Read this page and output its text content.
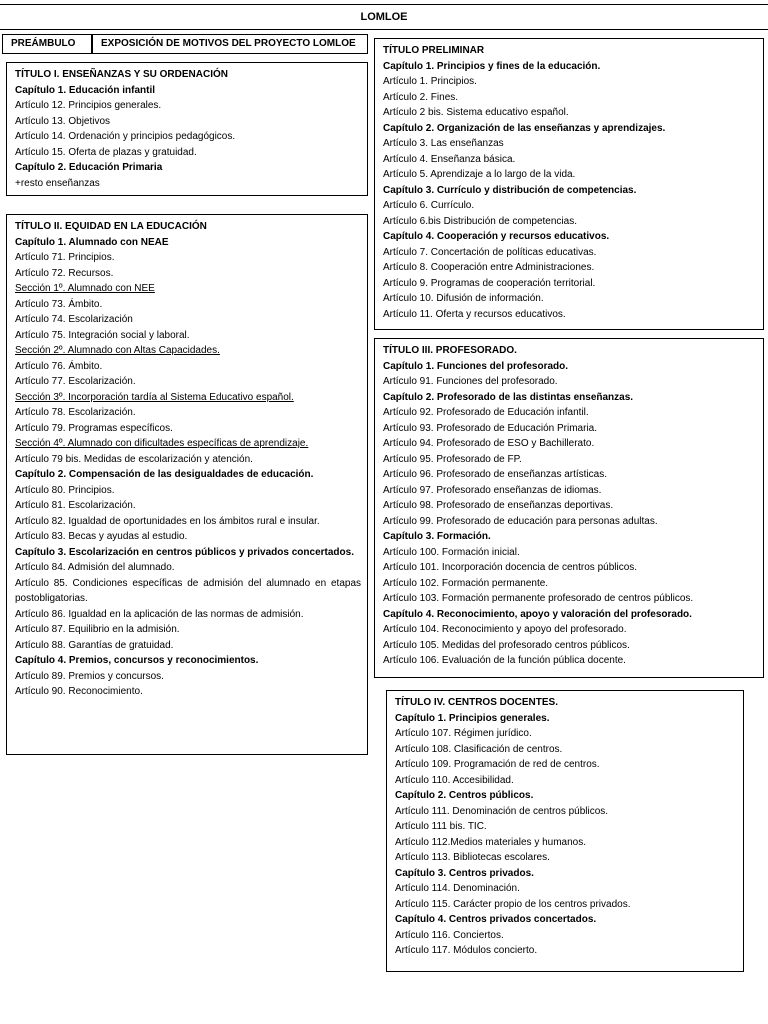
LOMLOE
PREÁMBULO	EXPOSICIÓN DE MOTIVOS DEL PROYECTO LOMLOE
TÍTULO I. ENSEÑANZAS Y SU ORDENACIÓN
Capítulo 1. Educación infantil
Artículo 12. Principios generales.
Artículo 13. Objetivos
Artículo 14. Ordenación y principios pedagógicos.
Artículo 15. Oferta de plazas y gratuidad.
Capítulo 2. Educación Primaria
+resto enseñanzas
TÍTULO II. EQUIDAD EN LA EDUCACIÓN
Capítulo 1. Alumnado con NEAE
Artículo 71. Principios.
Artículo 72. Recursos.
Sección 1º. Alumnado con NEE
Artículo 73. Ámbito.
Artículo 74. Escolarización
Artículo 75. Integración social y laboral.
Sección 2º. Alumnado con Altas Capacidades.
Artículo 76. Ámbito.
Artículo 77. Escolarización.
Sección 3º. Incorporación tardía al Sistema Educativo español.
Artículo 78. Escolarización.
Artículo 79. Programas específicos.
Sección 4º. Alumnado con dificultades específicas de aprendizaje.
Artículo 79 bis. Medidas de escolarización y atención.
Capítulo 2. Compensación de las desigualdades de educación.
Artículo 80. Principios.
Artículo 81. Escolarización.
Artículo 82. Igualdad de oportunidades en los ámbitos rural e insular.
Artículo 83. Becas y ayudas al estudio.
Capítulo 3. Escolarización en centros públicos y privados concertados.
Artículo 84. Admisión del alumnado.
Artículo 85. Condiciones específicas de admisión del alumnado en etapas postobligatorias.
Artículo 86. Igualdad en la aplicación de las normas de admisión.
Artículo 87. Equilibrio en la admisión.
Artículo 88. Garantías de gratuidad.
Capítulo 4. Premios, concursos y reconocimientos.
Artículo 89. Premios y concursos.
Artículo 90. Reconocimiento.
TÍTULO PRELIMINAR
Capítulo 1. Principios y fines de la educación.
Artículo 1. Principios.
Artículo 2. Fines.
Artículo 2 bis. Sistema educativo español.
Capítulo 2. Organización de las enseñanzas y aprendizajes.
Artículo 3. Las enseñanzas
Artículo 4. Enseñanza básica.
Artículo 5. Aprendizaje a lo largo de la vida.
Capítulo 3. Currículo y distribución de competencias.
Artículo 6. Currículo.
Artículo 6.bis Distribución de competencias.
Capítulo 4. Cooperación y recursos educativos.
Artículo 7. Concertación de políticas educativas.
Artículo 8. Cooperación entre Administraciones.
Artículo 9. Programas de cooperación territorial.
Artículo 10. Difusión de información.
Artículo 11. Oferta y recursos educativos.
TÍTULO III. PROFESORADO.
Capítulo 1. Funciones del profesorado.
Artículo 91. Funciones del profesorado.
Capítulo 2. Profesorado de las distintas enseñanzas.
Artículo 92. Profesorado de Educación infantil.
Artículo 93. Profesorado de Educación Primaria.
Artículo 94. Profesorado de ESO y Bachillerato.
Artículo 95. Profesorado de FP.
Artículo 96. Profesorado de enseñanzas artísticas.
Artículo 97. Profesorado enseñanzas de idiomas.
Artículo 98. Profesorado de enseñanzas deportivas.
Artículo 99. Profesorado de educación para personas adultas.
Capítulo 3. Formación.
Artículo 100. Formación inicial.
Artículo 101. Incorporación docencia de centros públicos.
Artículo 102. Formación permanente.
Artículo 103. Formación permanente profesorado de centros públicos.
Capítulo 4. Reconocimiento, apoyo y valoración del profesorado.
Artículo 104. Reconocimiento y apoyo del profesorado.
Artículo 105. Medidas del profesorado centros públicos.
Artículo 106. Evaluación de la función pública docente.
TÍTULO IV. CENTROS DOCENTES.
Capítulo 1. Principios generales.
Artículo 107. Régimen jurídico.
Artículo 108. Clasificación de centros.
Artículo 109. Programación de red de centros.
Artículo 110. Accesibilidad.
Capítulo 2. Centros públicos.
Artículo 111. Denominación de centros públicos.
Artículo 111 bis. TIC.
Artículo 112.Medios materiales y humanos.
Artículo 113. Bibliotecas escolares.
Capítulo 3. Centros privados.
Artículo 114. Denominación.
Artículo 115. Carácter propio de los centros privados.
Capítulo 4. Centros privados concertados.
Artículo 116. Conciertos.
Artículo 117. Módulos concierto.
